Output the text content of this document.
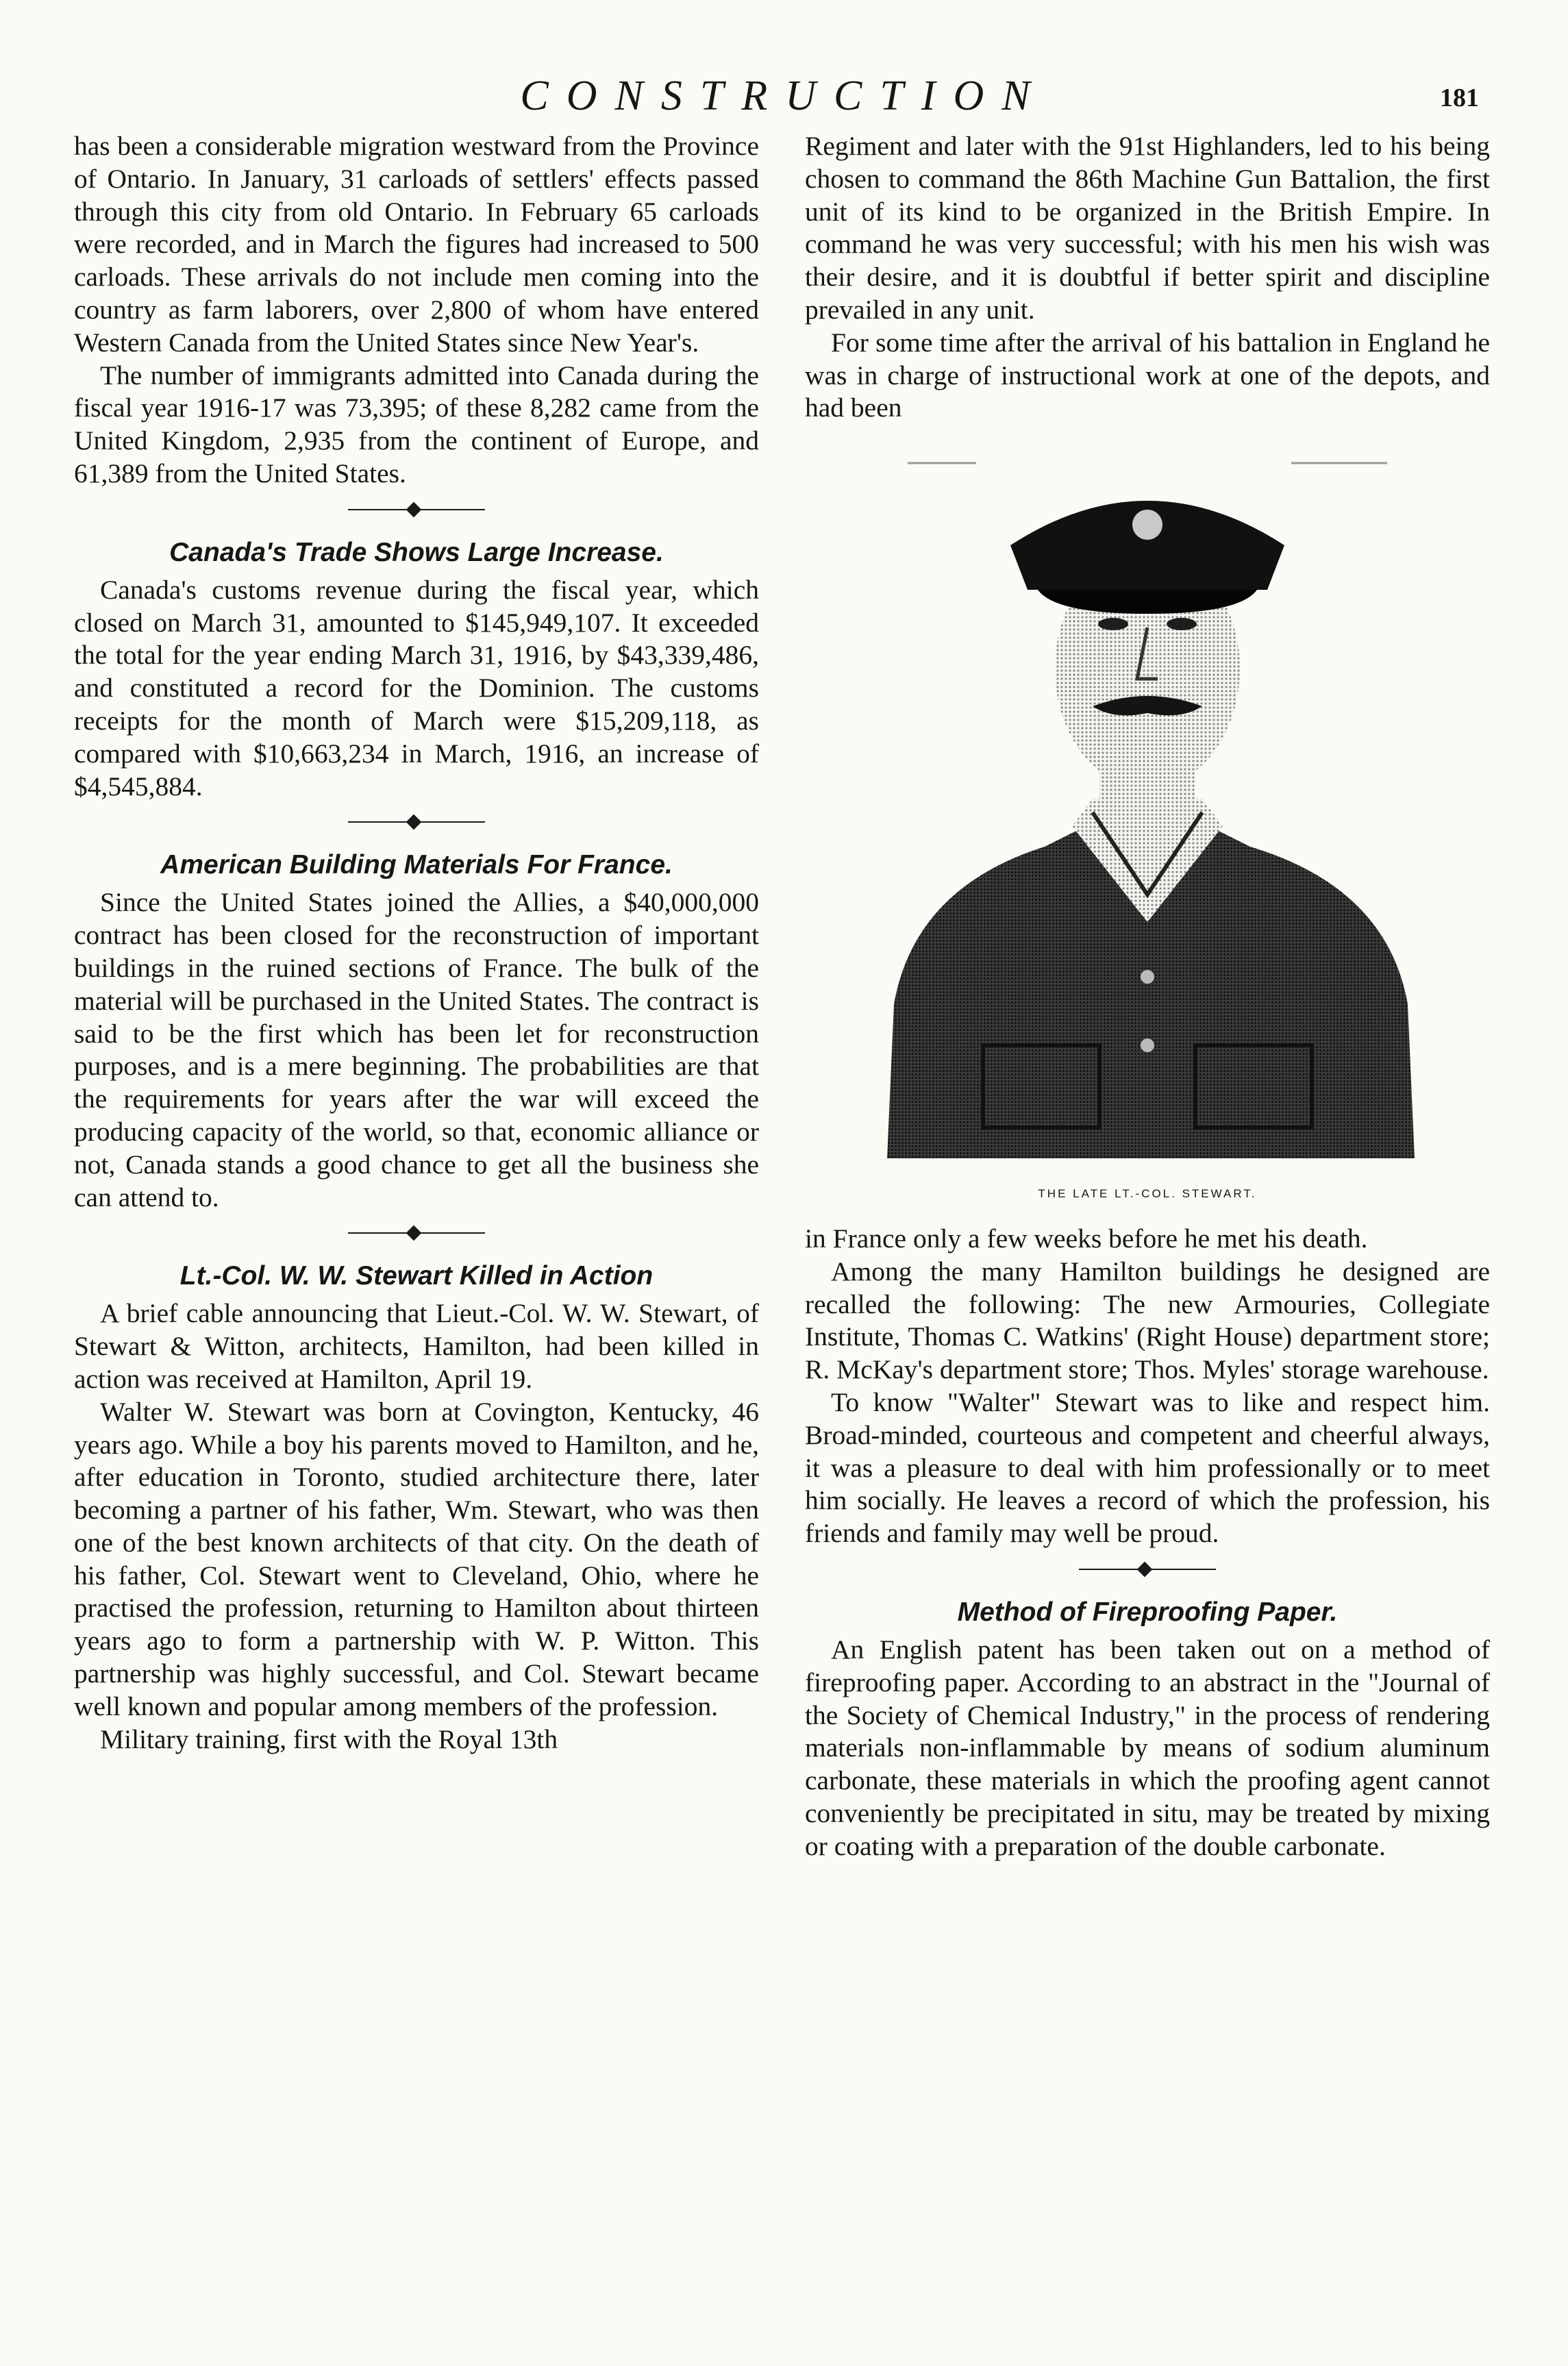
CONSTRUCTION	181

has been a considerable migration westward from the Province of Ontario. In January, 31 carloads of settlers' effects passed through this city from old Ontario. In February 65 carloads were recorded, and in March the figures had increased to 500 carloads. These arrivals do not include men coming into the country as farm laborers, over 2,800 of whom have entered Western Canada from the United States since New Year's.

The number of immigrants admitted into Canada during the fiscal year 1916-17 was 73,395; of these 8,282 came from the United Kingdom, 2,935 from the continent of Europe, and 61,389 from the United States.

Canada's Trade Shows Large Increase.

Canada's customs revenue during the fiscal year, which closed on March 31, amounted to $145,949,107. It exceeded the total for the year ending March 31, 1916, by $43,339,486, and constituted a record for the Dominion. The customs receipts for the month of March were $15,209,118, as compared with $10,663,234 in March, 1916, an increase of $4,545,884.

American Building Materials For France.

Since the United States joined the Allies, a $40,000,000 contract has been closed for the reconstruction of important buildings in the ruined sections of France. The bulk of the material will be purchased in the United States. The contract is said to be the first which has been let for reconstruction purposes, and is a mere beginning. The probabilities are that the requirements for years after the war will exceed the producing capacity of the world, so that, economic alliance or not, Canada stands a good chance to get all the business she can attend to.

Lt.-Col. W. W. Stewart Killed in Action

A brief cable announcing that Lieut.-Col. W. W. Stewart, of Stewart & Witton, architects, Hamilton, had been killed in action was received at Hamilton, April 19.

Walter W. Stewart was born at Covington, Kentucky, 46 years ago. While a boy his parents moved to Hamilton, and he, after education in Toronto, studied architecture there, later becoming a partner of his father, Wm. Stewart, who was then one of the best known architects of that city. On the death of his father, Col. Stewart went to Cleveland, Ohio, where he practised the profession, returning to Hamilton about thirteen years ago to form a partnership with W. P. Witton. This partnership was highly successful, and Col. Stewart became well known and popular among members of the profession.

Military training, first with the Royal 13th

Regiment and later with the 91st Highlanders, led to his being chosen to command the 86th Machine Gun Battalion, the first unit of its kind to be organized in the British Empire. In command he was very successful; with his men his wish was their desire, and it is doubtful if better spirit and discipline prevailed in any unit.

For some time after the arrival of his battalion in England he was in charge of instructional work at one of the depots, and had been

THE LATE LT.-COL. STEWART.

in France only a few weeks before he met his death.

Among the many Hamilton buildings he designed are recalled the following: The new Armouries, Collegiate Institute, Thomas C. Watkins' (Right House) department store; R. McKay's department store; Thos. Myles' storage warehouse.

To know "Walter" Stewart was to like and respect him. Broad-minded, courteous and competent and cheerful always, it was a pleasure to deal with him professionally or to meet him socially. He leaves a record of which the profession, his friends and family may well be proud.

Method of Fireproofing Paper.

An English patent has been taken out on a method of fireproofing paper. According to an abstract in the "Journal of the Society of Chemical Industry," in the process of rendering materials non-inflammable by means of sodium aluminum carbonate, these materials in which the proofing agent cannot conveniently be precipitated in situ, may be treated by mixing or coating with a preparation of the double carbonate.
